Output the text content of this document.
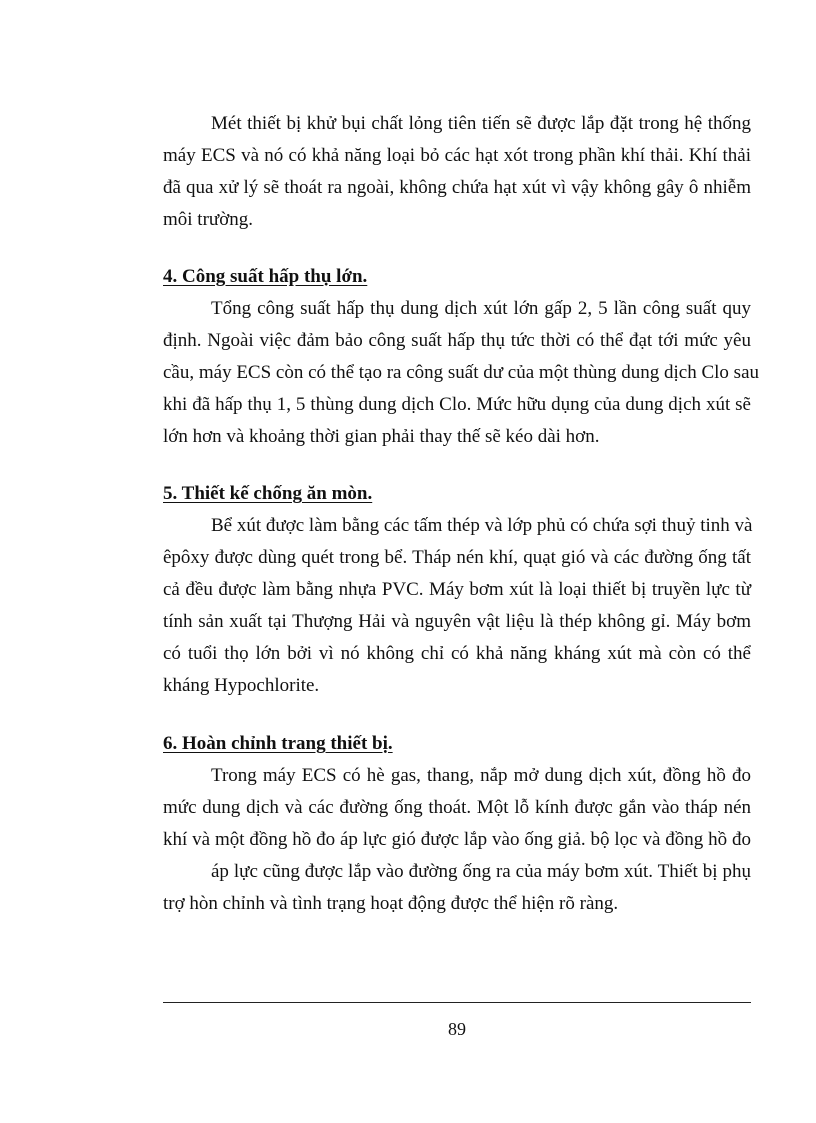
Mét thiết bị khử bụi chất lỏng tiên tiến sẽ được lắp đặt trong hệ thống
máy ECS và nó có khả năng loại bỏ các hạt xót trong phần khí thải. Khí thải
đã qua xử lý sẽ thoát ra ngoài, không chứa hạt xút vì vậy không gây ô nhiễm
môi trường.
4. Công suất hấp thụ lớn.
Tổng công suất hấp thụ dung dịch xút lớn gấp 2, 5 lần công suất quy
định. Ngoài việc đảm bảo công suất hấp thụ tức thời có thể đạt tới mức yêu
cầu, máy ECS còn có thể tạo ra công suất dư của một thùng dung dịch Clo sau
khi đã hấp thụ 1, 5 thùng dung dịch Clo. Mức hữu dụng của dung dịch xút sẽ
lớn hơn và khoảng thời gian phải thay thế sẽ kéo dài hơn.
5. Thiết kế chống ăn mòn.
Bể xút được làm bằng các tấm thép và lớp phủ có chứa sợi thuỷ tinh và
êpôxy được dùng quét trong bể. Tháp nén khí, quạt gió và các đường ống tất
cả đều được làm bằng nhựa PVC. Máy bơm xút là loại thiết bị truyền lực từ
tính sản xuất tại Thượng Hải và nguyên vật liệu là thép không gỉ. Máy bơm
có tuổi thọ lớn bởi vì nó không chỉ có khả năng kháng xút mà còn có thể
kháng Hypochlorite.
6. Hoàn chỉnh trang thiết bị.
Trong máy ECS có hè gas, thang, nắp mở dung dịch xút, đồng hồ đo
mức dung dịch và các đường ống thoát. Một lỗ kính được gắn vào tháp nén
khí và một đồng hồ đo áp lực gió được lắp vào ống giả. bộ lọc và đồng hồ đo
áp lực cũng được lắp vào đường ống ra của máy bơm xút. Thiết bị phụ
trợ hòn chỉnh và tình trạng hoạt động được thể hiện rõ ràng.
89
